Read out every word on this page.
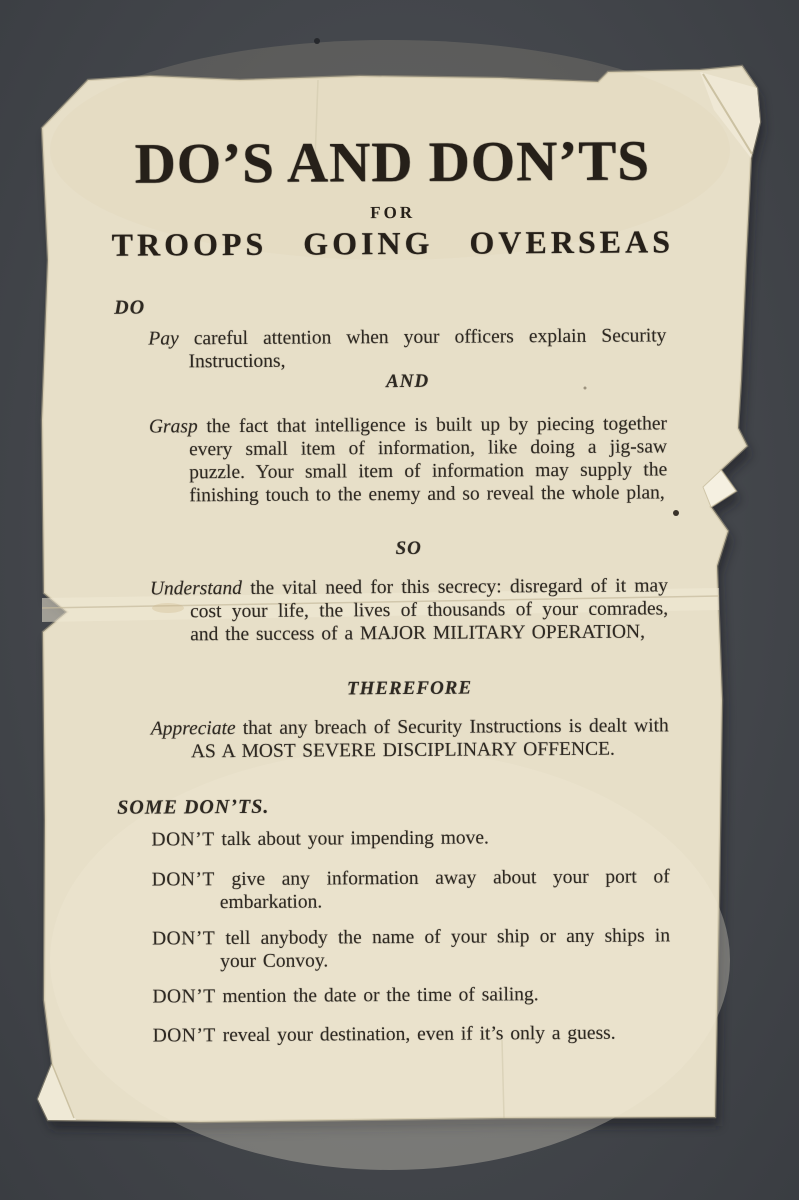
DO’S AND DON’TS
FOR
TROOPS GOING OVERSEAS
DO
Pay careful attention when your officers explain Security Instructions,
AND
Grasp the fact that intelligence is built up by piecing together every small item of information, like doing a jig-saw puzzle. Your small item of information may supply the finishing touch to the enemy and so reveal the whole plan,
SO
Understand the vital need for this secrecy: disregard of it may cost your life, the lives of thousands of your comrades, and the success of a MAJOR MILITARY OPERATION,
THEREFORE
Appreciate that any breach of Security Instructions is dealt with AS A MOST SEVERE DISCIPLINARY OFFENCE.
SOME DON’TS.
DON’T talk about your impending move.
DON’T give any information away about your port of embarkation.
DON’T tell anybody the name of your ship or any ships in your Convoy.
DON’T mention the date or the time of sailing.
DON’T reveal your destination, even if it’s only a guess.
